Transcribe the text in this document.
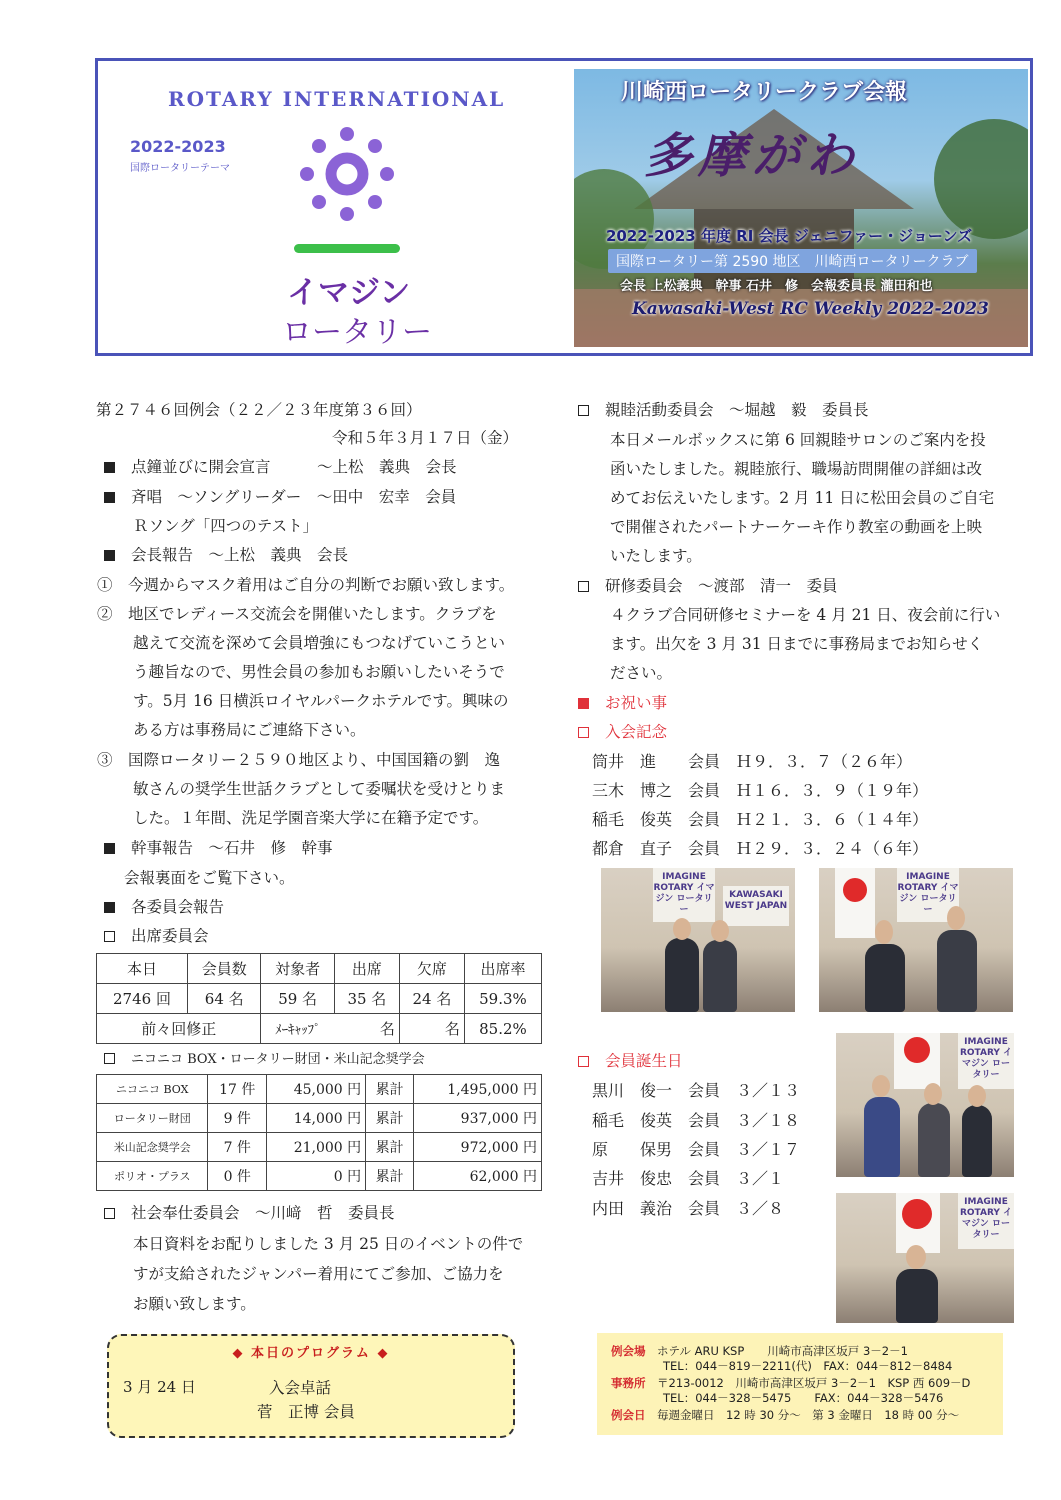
ROTARY INTERNATIONAL
2022-2023
国際ロータリーテーマ
イマジン
ロータリー
川崎西ロータリークラブ会報
多摩がわ
2022-2023 年度 RI 会長 ジェニファー・ジョーンズ
国際ロータリー第 2590 地区　川崎西ロータリークラブ
会長 上松義典　幹事 石井　修　会報委員長 瀧田和也
Kawasaki-West RC Weekly 2022-2023
第２７４６回例会（２２／２３年度第３６回）
令和５年３月１７日（金）
点鐘並びに開会宣言　　　～上松　義典　会長
斉唱　～ソングリーダー　～田中　宏幸　会員
Ｒソング「四つのテスト」
会長報告　～上松　義典　会長
①　今週からマスク着用はご自分の判断でお願い致します。
②　地区でレディース交流会を開催いたします。クラブを
越えて交流を深めて会員増強にもつなげていこうとい
う趣旨なので、男性会員の参加もお願いしたいそうで
す。5月 16 日横浜ロイヤルパークホテルです。興味の
ある方は事務局にご連絡下さい。
③　国際ロータリー２５９０地区より、中国国籍の劉　逸
敏さんの奨学生世話クラブとして委嘱状を受けとりま
した。１年間、洗足学園音楽大学に在籍予定です。
幹事報告　～石井　修　幹事
会報裏面をご覧下さい。
各委員会報告
出席委員会
本日	会員数	対象者	出席	欠席	出席率
2746 回	64 名	59 名	35 名	24 名	59.3%
前々回修正		ﾒｰｷｬｯﾌﾟ	名	名	85.2%
ニコニコ BOX・ロータリー財団・米山記念奨学会
ニコニコ BOX	17 件	45,000 円	累計	1,495,000 円
ロータリー財団	9 件	14,000 円	累計	937,000 円
米山記念奨学会	7 件	21,000 円	累計	972,000 円
ポリオ・プラス	0 件	0 円	累計	62,000 円
社会奉仕委員会　～川﨑　哲　委員長
本日資料をお配りしました 3 月 25 日のイベントの件で
すが支給されたジャンパー着用にてご参加、ご協力を
お願い致します。
◆ 本日のプログラム ◆
3 月 24 日	入会卓話
菅　正博 会員
親睦活動委員会　～堀越　毅　委員長
本日メールボックスに第 6 回親睦サロンのご案内を投
函いたしました。親睦旅行、職場訪問開催の詳細は改
めてお伝えいたします。2 月 11 日に松田会員のご自宅
で開催されたパートナーケーキ作り教室の動画を上映
いたします。
研修委員会　～渡部　清一　委員
４クラブ合同研修セミナーを 4 月 21 日、夜会前に行い
ます。出欠を 3 月 31 日までに事務局までお知らせく
ださい。
お祝い事
入会記念
筒井　進　　会員　Ｈ９．３．７（２６年）
三木　博之　会員　Ｈ１６．３．９（１９年）
稲毛　俊英　会員　Ｈ２１．３．６（１４年）
都倉　直子　会員　Ｈ２９．３．２４（６年）
IMAGINE ROTARY イマジン ロータリー
KAWASAKI WEST JAPAN
IMAGINE ROTARY イマジン ロータリー
IMAGINE ROTARY イマジン ロータリー
IMAGINE ROTARY イマジン ロータリー
会員誕生日
黒川　俊一　会員　３／１３
稲毛　俊英　会員　３／１８
原　　保男　会員　３／１７
吉井　俊忠　会員　３／１
内田　義治　会員　３／８
例会場　 ホテル ARU KSP　　川崎市高津区坂戸 3－2－1
TEL：044－819－2211(代)　FAX：044－812－8484
事務所　 〒213-0012　川崎市高津区坂戸 3－2－1　KSP 西 609－D
TEL：044－328－5475　　FAX：044－328－5476
例会日　 毎週金曜日　12 時 30 分～　第 3 金曜日　18 時 00 分～
